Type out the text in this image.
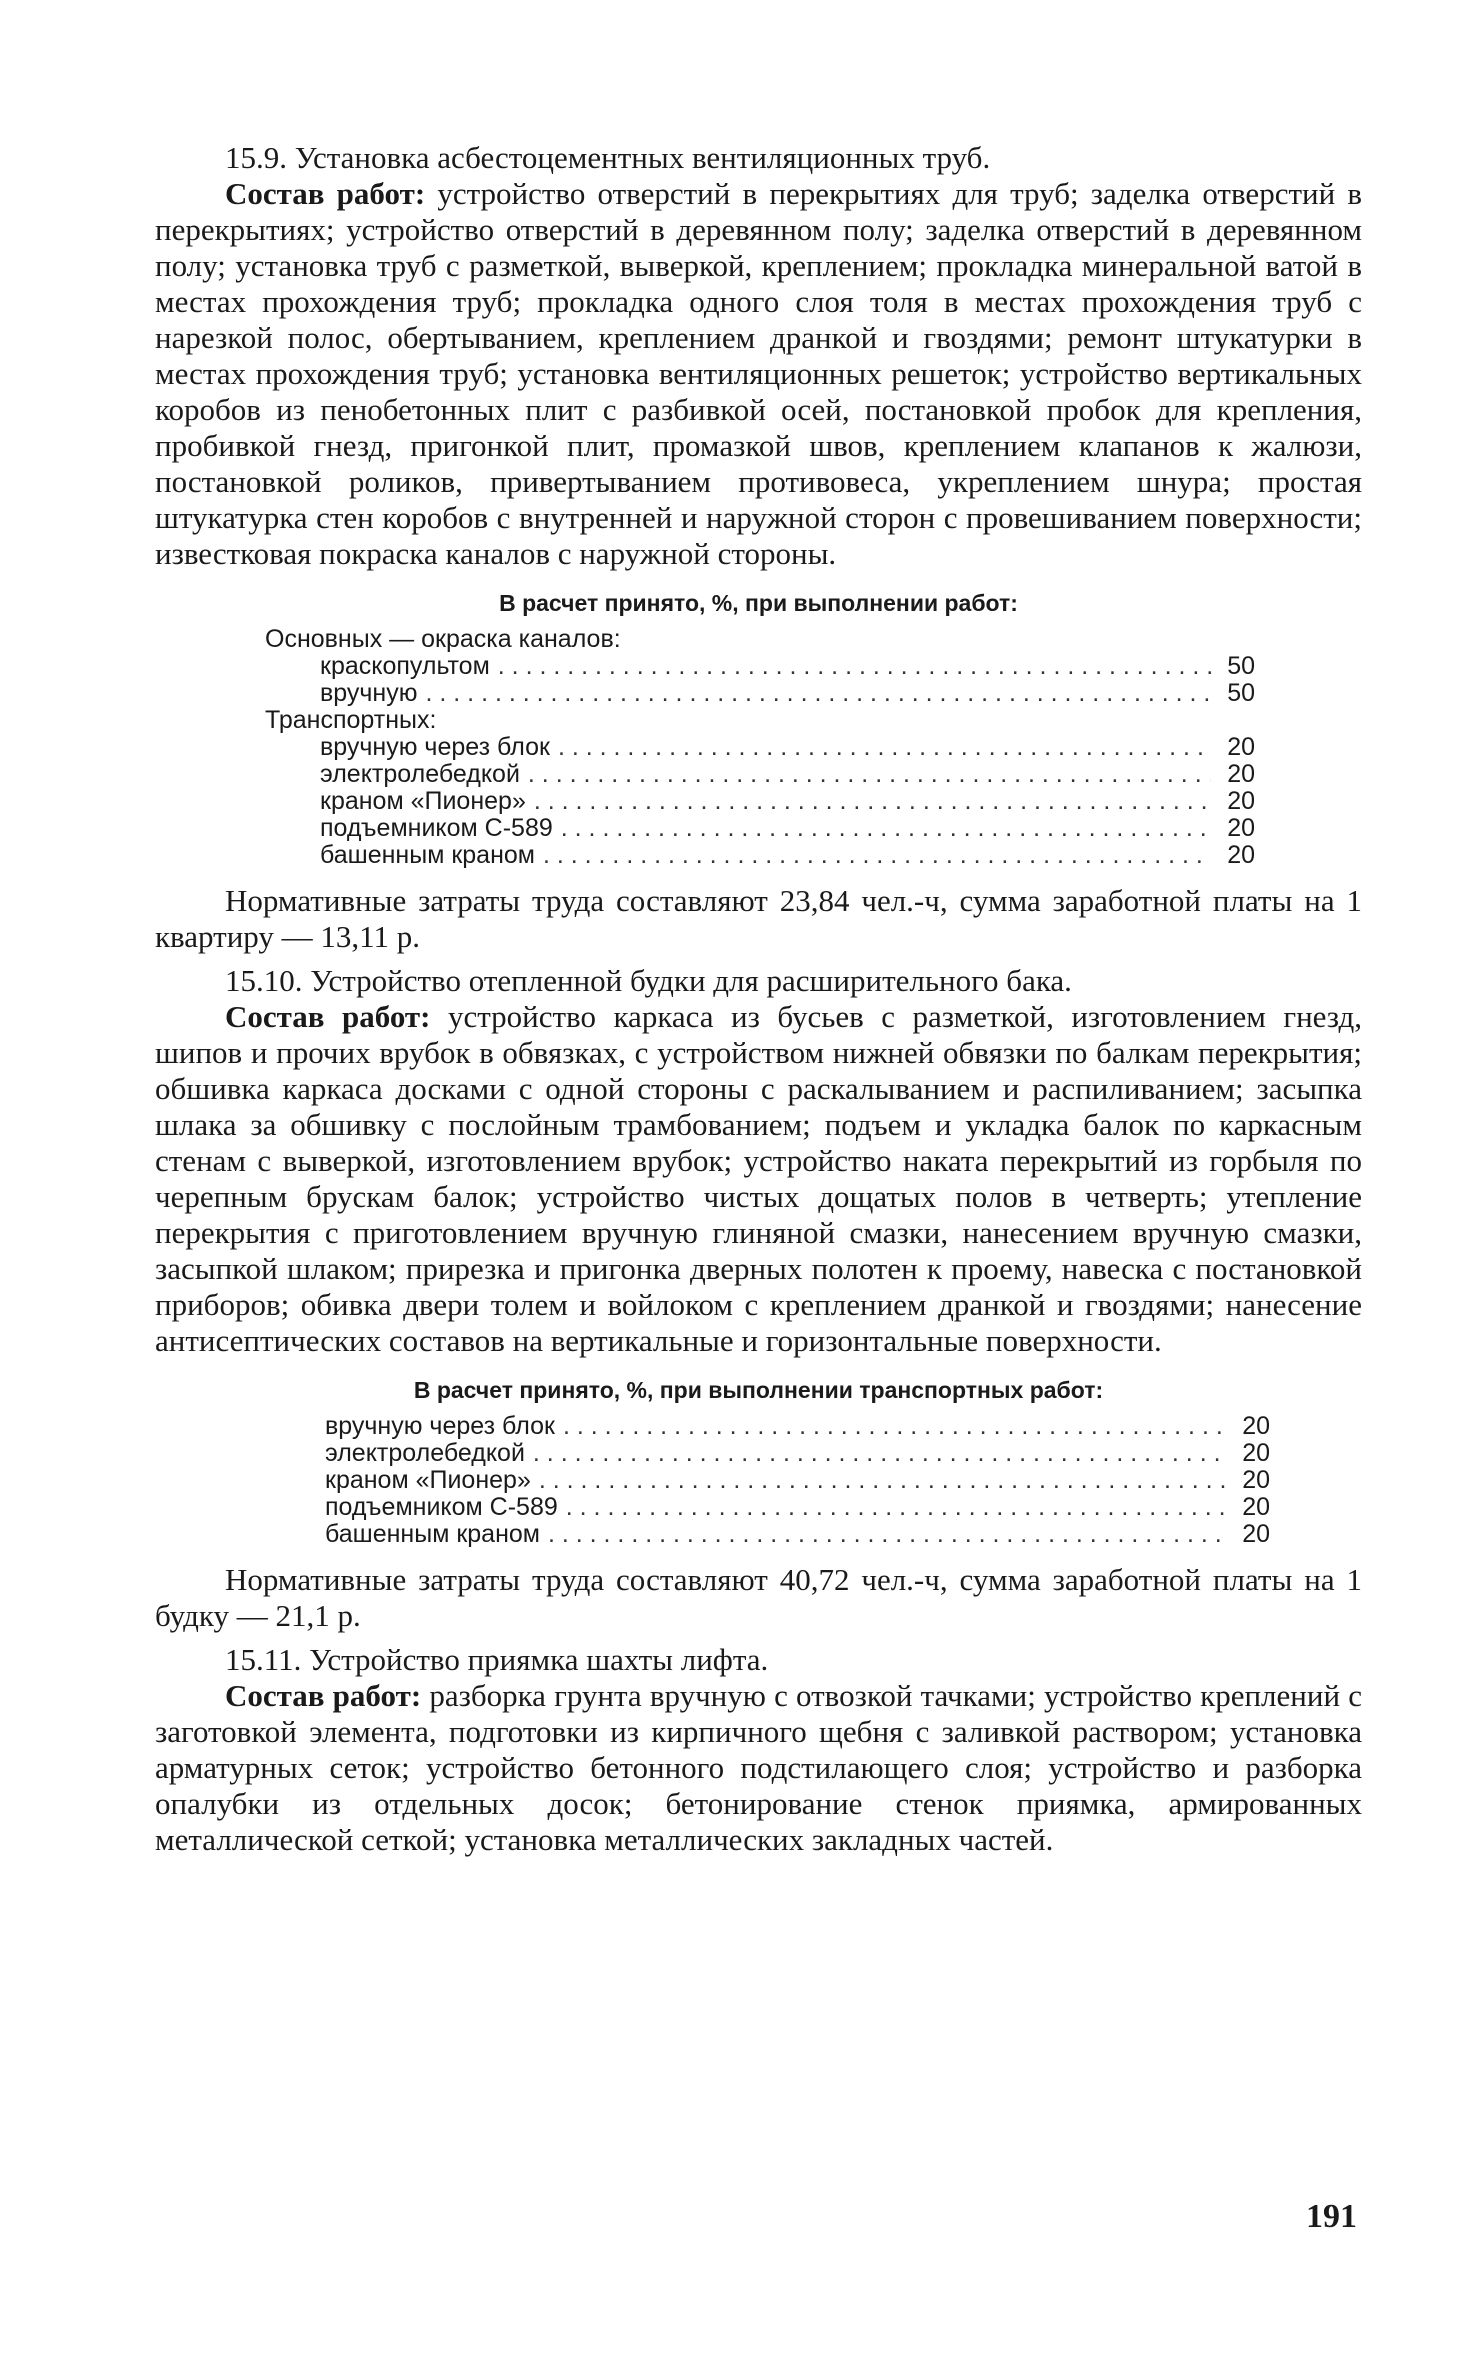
15.9. Установка асбестоцементных вентиляционных труб.

Состав работ: устройство отверстий в перекрытиях для труб; заделка отверстий в перекрытиях; устройство отверстий в деревянном полу; заделка отверстий в деревянном полу; установка труб с разметкой, выверкой, креплением; прокладка минеральной ватой в местах прохождения труб; прокладка одного слоя толя в местах прохождения труб с нарезкой полос, обертыванием, креплением дранкой и гвоздями; ремонт штукатурки в местах прохождения труб; установка вентиляционных решеток; устройство вертикальных коробов из пенобетонных плит с разбивкой осей, постановкой пробок для крепления, пробивкой гнезд, пригонкой плит, промазкой швов, креплением клапанов к жалюзи, постановкой роликов, привертыванием противовеса, укреплением шнура; простая штукатурка стен коробов с внутренней и наружной сторон с провешиванием поверхности; известковая покраска каналов с наружной стороны.

В расчет принято, %, при выполнении работ:

Основных — окраска каналов:
краскопультом . . .	50
вручную . . .	50
Транспортных:
вручную через блок . . .	20
электролебедкой . . .	20
краном «Пионер» . . .	20
подъемником С-589 . . .	20
башенным краном . . .	20

Нормативные затраты труда составляют 23,84 чел.-ч, сумма заработной платы на 1 квартиру — 13,11 р.

15.10. Устройство отепленной будки для расширительного бака.

Состав работ: устройство каркаса из бусьев с разметкой, изготовлением гнезд, шипов и прочих врубок в обвязках, с устройством нижней обвязки по балкам перекрытия; обшивка каркаса досками с одной стороны с раскалыванием и распиливанием; засыпка шлака за обшивку с послойным трамбованием; подъем и укладка балок по каркасным стенам с выверкой, изготовлением врубок; устройство наката перекрытий из горбыля по черепным брускам балок; устройство чистых дощатых полов в четверть; утепление перекрытия с приготовлением вручную глиняной смазки, нанесением вручную смазки, засыпкой шлаком; прирезка и пригонка дверных полотен к проему, навеска с постановкой приборов; обивка двери толем и войлоком с креплением дранкой и гвоздями; нанесение антисептических составов на вертикальные и горизонтальные поверхности.

В расчет принято, %, при выполнении транспортных работ:

вручную через блок . . .	20
электролебедкой . . .	20
краном «Пионер» . . .	20
подъемником С-589 . . .	20
башенным краном . . .	20

Нормативные затраты труда составляют 40,72 чел.-ч, сумма заработной платы на 1 будку — 21,1 р.

15.11. Устройство приямка шахты лифта.

Состав работ: разборка грунта вручную с отвозкой тачками; устройство креплений с заготовкой элемента, подготовки из кирпичного щебня с заливкой раствором; установка арматурных сеток; устройство бетонного подстилающего слоя; устройство и разборка опалубки из отдельных досок; бетонирование стенок приямка, армированных металлической сеткой; установка металлических закладных частей.

191
